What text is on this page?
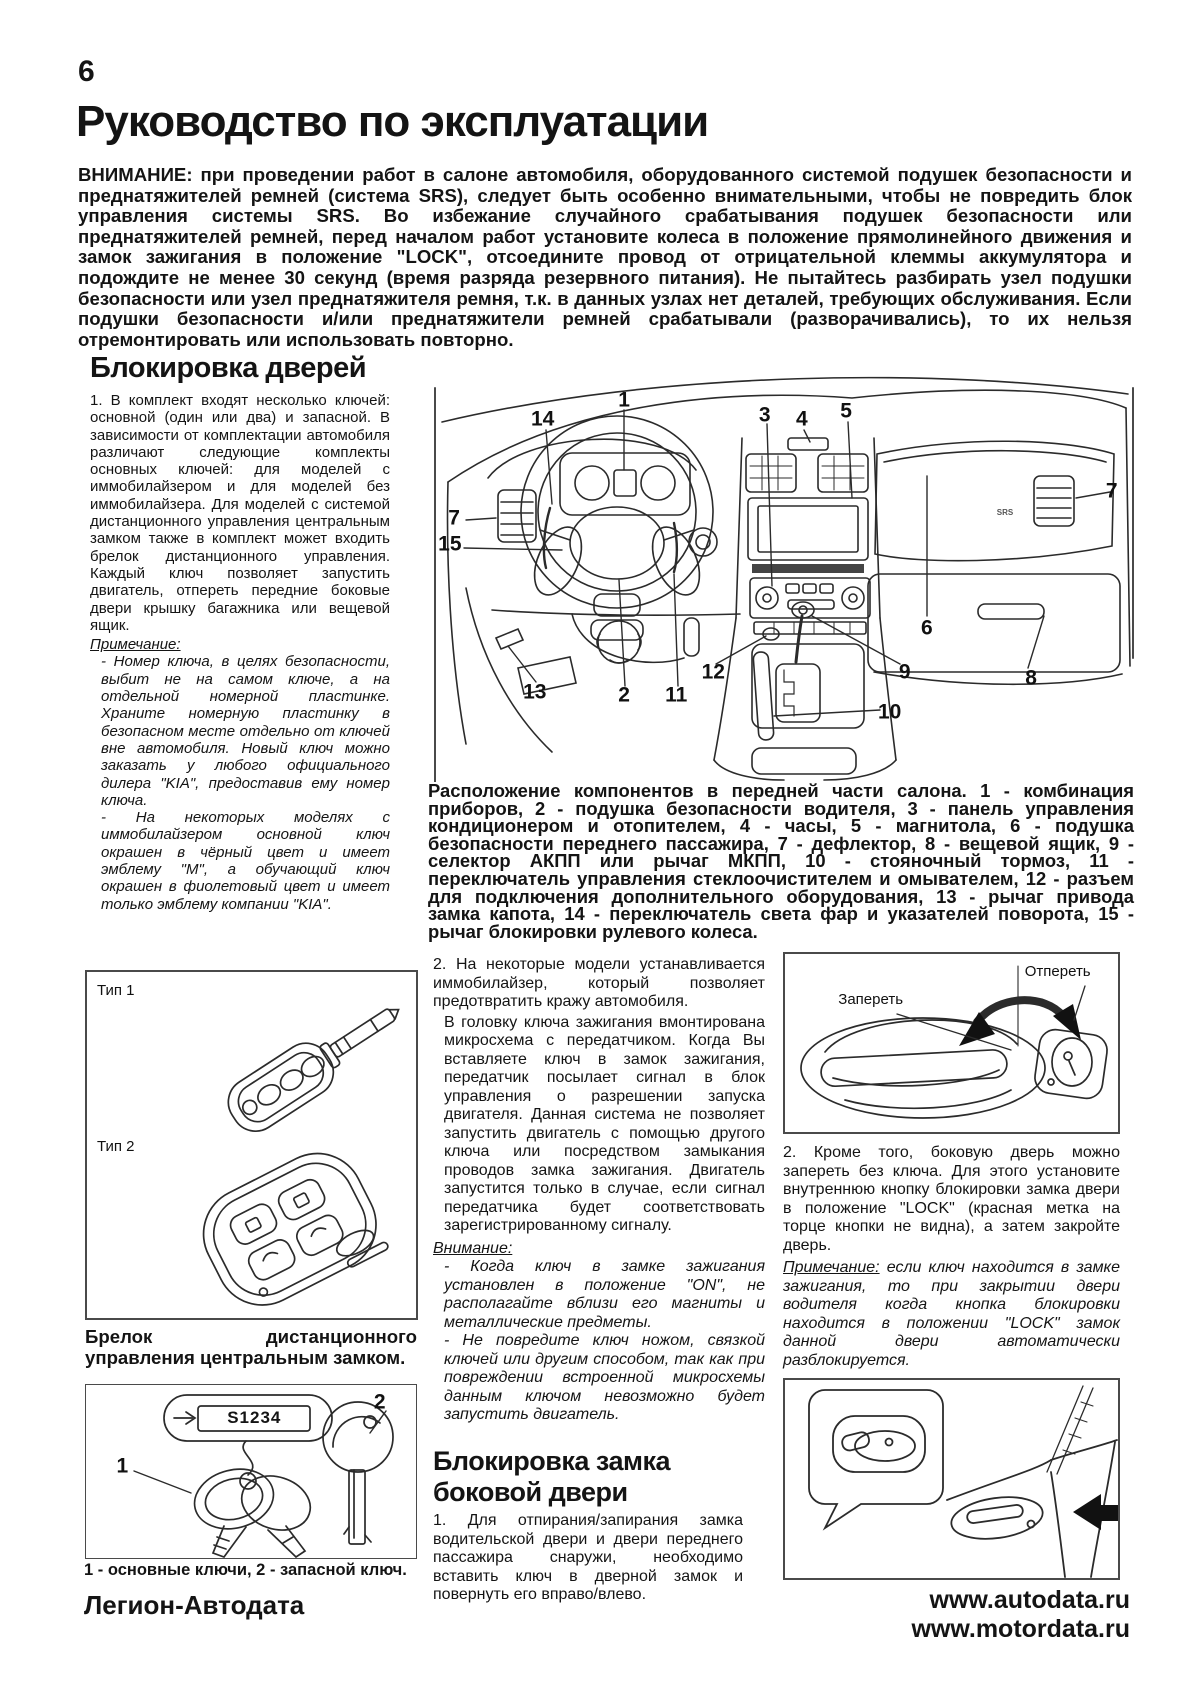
6
Руководство по эксплуатации
ВНИМАНИЕ: при проведении работ в салоне автомобиля, оборудованного системой подушек безопасности и преднатяжителей ремней (система SRS), следует быть особенно внимательными, чтобы не повредить блок управления системы SRS. Во избежание случайного срабатывания подушек безопасности или преднатяжителей ремней, перед началом работ установите колеса в положение прямолинейного движения и замок зажигания в положение "LOCK", отсоедините провод от отрицательной клеммы аккумулятора и подождите не менее 30 секунд (время разряда резервного питания). Не пытайтесь разбирать узел подушки безопасности или узел преднатяжителя ремня, т.к. в данных узлах нет деталей, требующих обслуживания. Если подушки безопасности и/или преднатяжители ремней срабатывали (разворачивались), то их нельзя отремонтировать или использовать повторно.
Блокировка дверей
1. В комплект входят несколько ключей: основной (один или два) и запасной. В зависимости от комплектации автомобиля различают следующие комплекты основных ключей: для моделей с иммобилайзером и для моделей без иммобилайзера. Для моделей с системой дистанционного управления центральным замком также в комплект может входить брелок дистанционного управления. Каждый ключ позволяет запустить двигатель, отпереть передние боковые двери крышку багажника или вещевой ящик.
Примечание:
- Номер ключа, в целях безопасности, выбит не на самом ключе, а на отдельной номерной пластинке. Храните номерную пластинку в безопасном месте отдельно от ключей вне автомобиля. Новый ключ можно заказать у любого официального дилера "KIA", предоставив ему номер ключа.
- На некоторых моделях с иммобилайзером основной ключ окрашен в чёрный цвет и имеет эмблему "M", а обучающий ключ окрашен в фиолетовый цвет и имеет только эмблему компании "KIA".
Тип 1
Тип 2
Брелок дистанционного управления центральным замком.
S1234
1
2
1 - основные ключи, 2 - запасной ключ.
Легион-Автодата
SRS
1
14	3 4 5
7
7
15
13	2 11
12	9
10
6
8
Расположение компонентов в передней части салона. 1 - комбинация приборов, 2 - подушка безопасности водителя, 3 - панель управления кондиционером и отопителем, 4 - часы, 5 - магнитола, 6 - подушка безопасности переднего пассажира, 7 - дефлектор, 8 - вещевой ящик, 9 - селектор АКПП или рычаг МКПП, 10 - стояночный тормоз, 11 - переключатель управления стеклоочистителем и омывателем, 12 - разъем для подключения дополнительного оборудования, 13 - рычаг привода замка капота, 14 - переключатель света фар и указателей поворота, 15 - рычаг блокировки рулевого колеса.
2. На некоторые модели устанавливается иммобилайзер, который позволяет предотвратить кражу автомобиля.
В головку ключа зажигания вмонтирована микросхема с передатчиком. Когда Вы вставляете ключ в замок зажигания, передатчик посылает сигнал в блок управления о разрешении запуска двигателя. Данная система не позволяет запустить двигатель с помощью другого ключа или посредством замыкания проводов замка зажигания. Двигатель запустится только в случае, если сигнал передатчика будет соответствовать зарегистрированному сигналу.
Внимание:
- Когда ключ в замке зажигания установлен в положение "ON", не располагайте вблизи его магниты и металлические предметы.
- Не повредите ключ ножом, связкой ключей или другим способом, так как при повреждении встроенной микросхемы данным ключом невозможно будет запустить двигатель.
Блокировка замка боковой двери
1. Для отпирания/запирания замка водительской двери и двери переднего пассажира снаружи, необходимо вставить ключ в дверной замок и повернуть его вправо/влево.
Запереть
Отпереть
2. Кроме того, боковую дверь можно запереть без ключа. Для этого установите внутреннюю кнопку блокировки замка двери в положение "LOCK" (красная метка на торце кнопки не видна), а затем закройте дверь.
Примечание: если ключ находится в замке зажигания, то при закрытии двери водителя когда кнопка блокировки находится в положении "LOCK" замок данной двери автоматически разблокируется.
www.autodata.ru
www.motordata.ru
